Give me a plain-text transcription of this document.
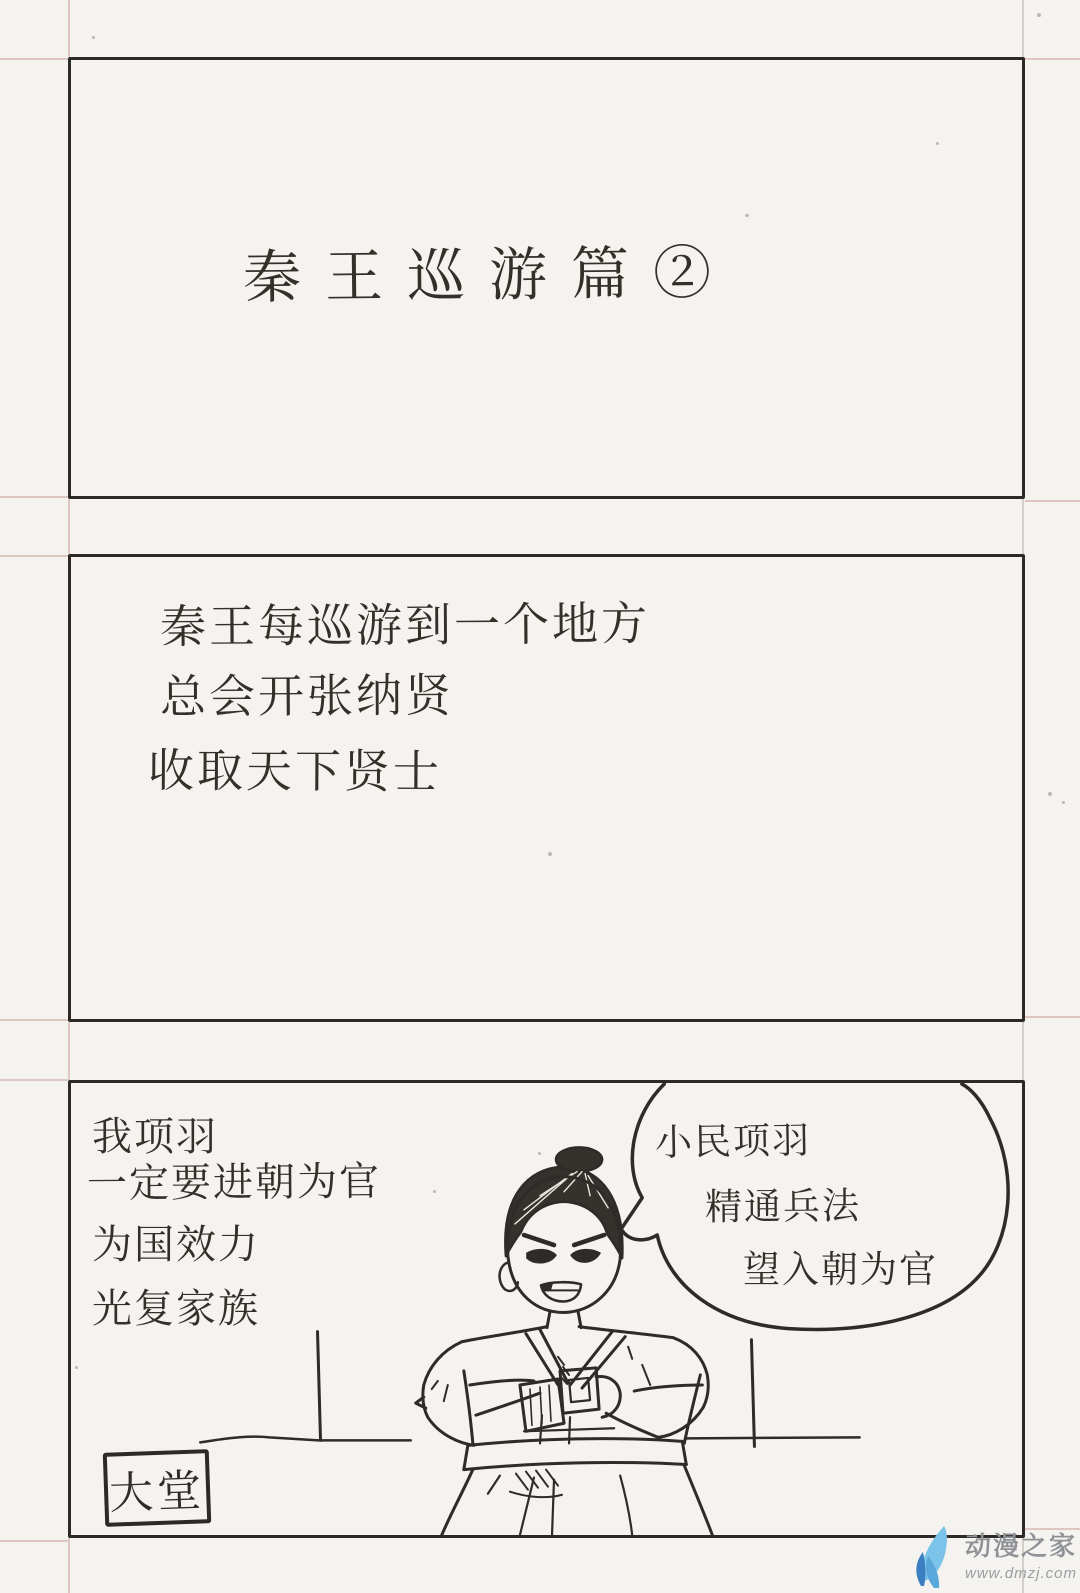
秦王巡游篇②
秦王每巡游到一个地方
总会开张纳贤
收取天下贤士
我项羽
一定要进朝为官
为国效力
光复家族
小民项羽
精通兵法
望入朝为官
大堂
动漫之家
www.dmzj.com
